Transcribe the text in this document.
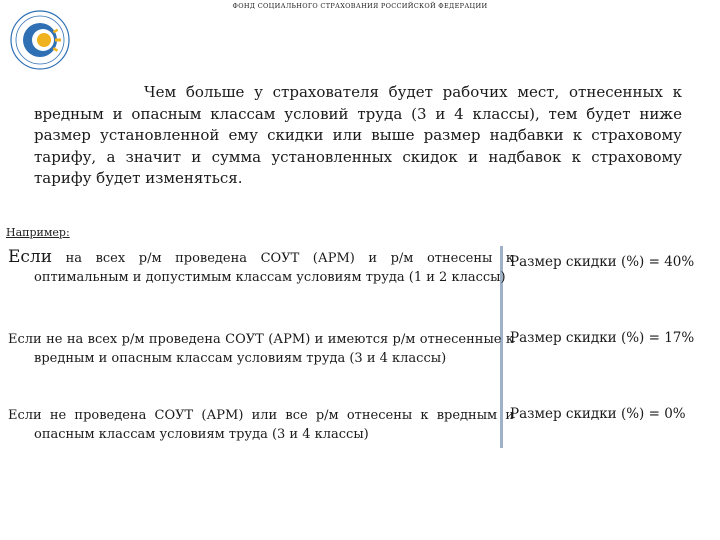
ФОНД СОЦИАЛЬНОГО СТРАХОВАНИЯ РОССИЙСКОЙ ФЕДЕРАЦИИ
Чем больше у страхователя будет рабочих мест, отнесенных к вредным и опасным классам условий труда (3 и 4 классы), тем будет ниже размер установленной ему скидки или выше размер надбавки к страховому тарифу, а значит и сумма установленных скидок и надбавок к страховому тарифу будет изменяться.
Например:
Если на всех р/м проведена СОУТ (АРМ) и р/м отнесены к оптимальным и допустимым классам условиям труда (1 и 2 классы)
Размер скидки (%) = 40%
Если не на всех р/м проведена СОУТ (АРМ) и имеются р/м отнесенные к вредным и опасным классам условиям труда (3 и 4 классы)
Размер скидки (%) = 17%
Если не проведена СОУТ (АРМ) или все р/м отнесены к вредным и опасным классам условиям труда (3 и 4 классы)
Размер скидки (%) = 0%
